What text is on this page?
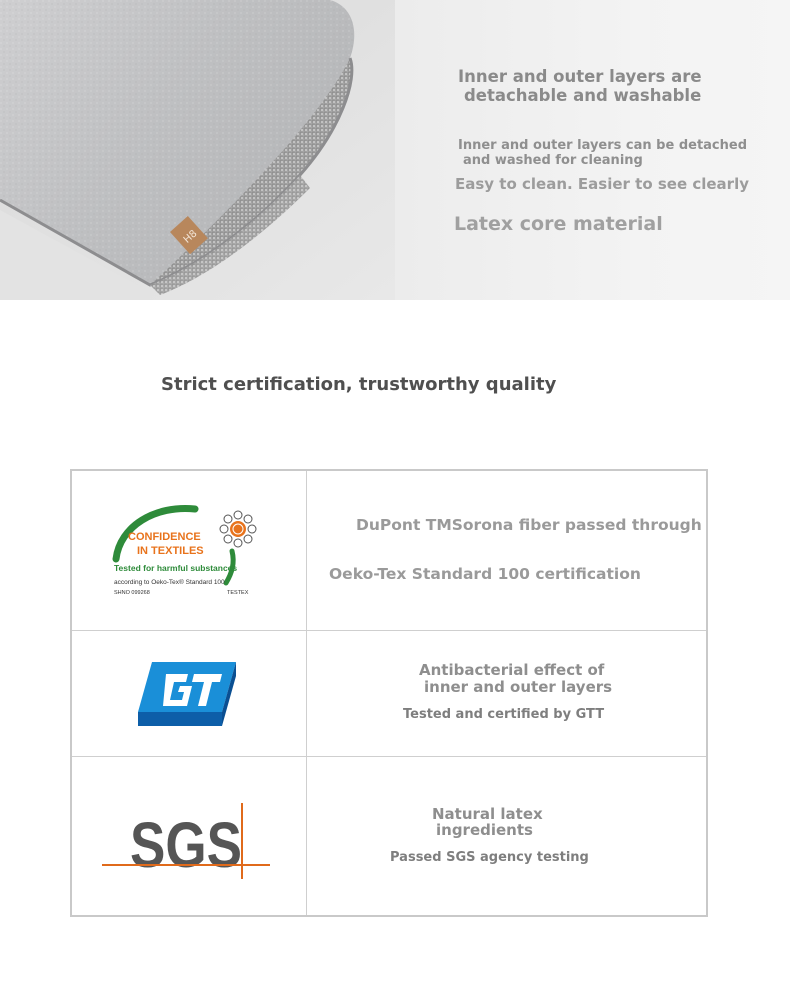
H8
Inner and outer layers are
detachable and washable
Inner and outer layers can be detached
and washed for cleaning
Easy to clean. Easier to see clearly
Latex core material
Strict certification, trustworthy quality
CONFIDENCE
IN TEXTILES
Tested for harmful substances
according to Oeko-Tex® Standard 100
SHNO 099268	TESTEX
DuPont TMSorona fiber passed through
Oeko-Tex Standard 100 certification
Antibacterial effect of
inner and outer layers
Tested and certified by GTT
SGS	Natural latex
ingredients
Passed SGS agency testing
